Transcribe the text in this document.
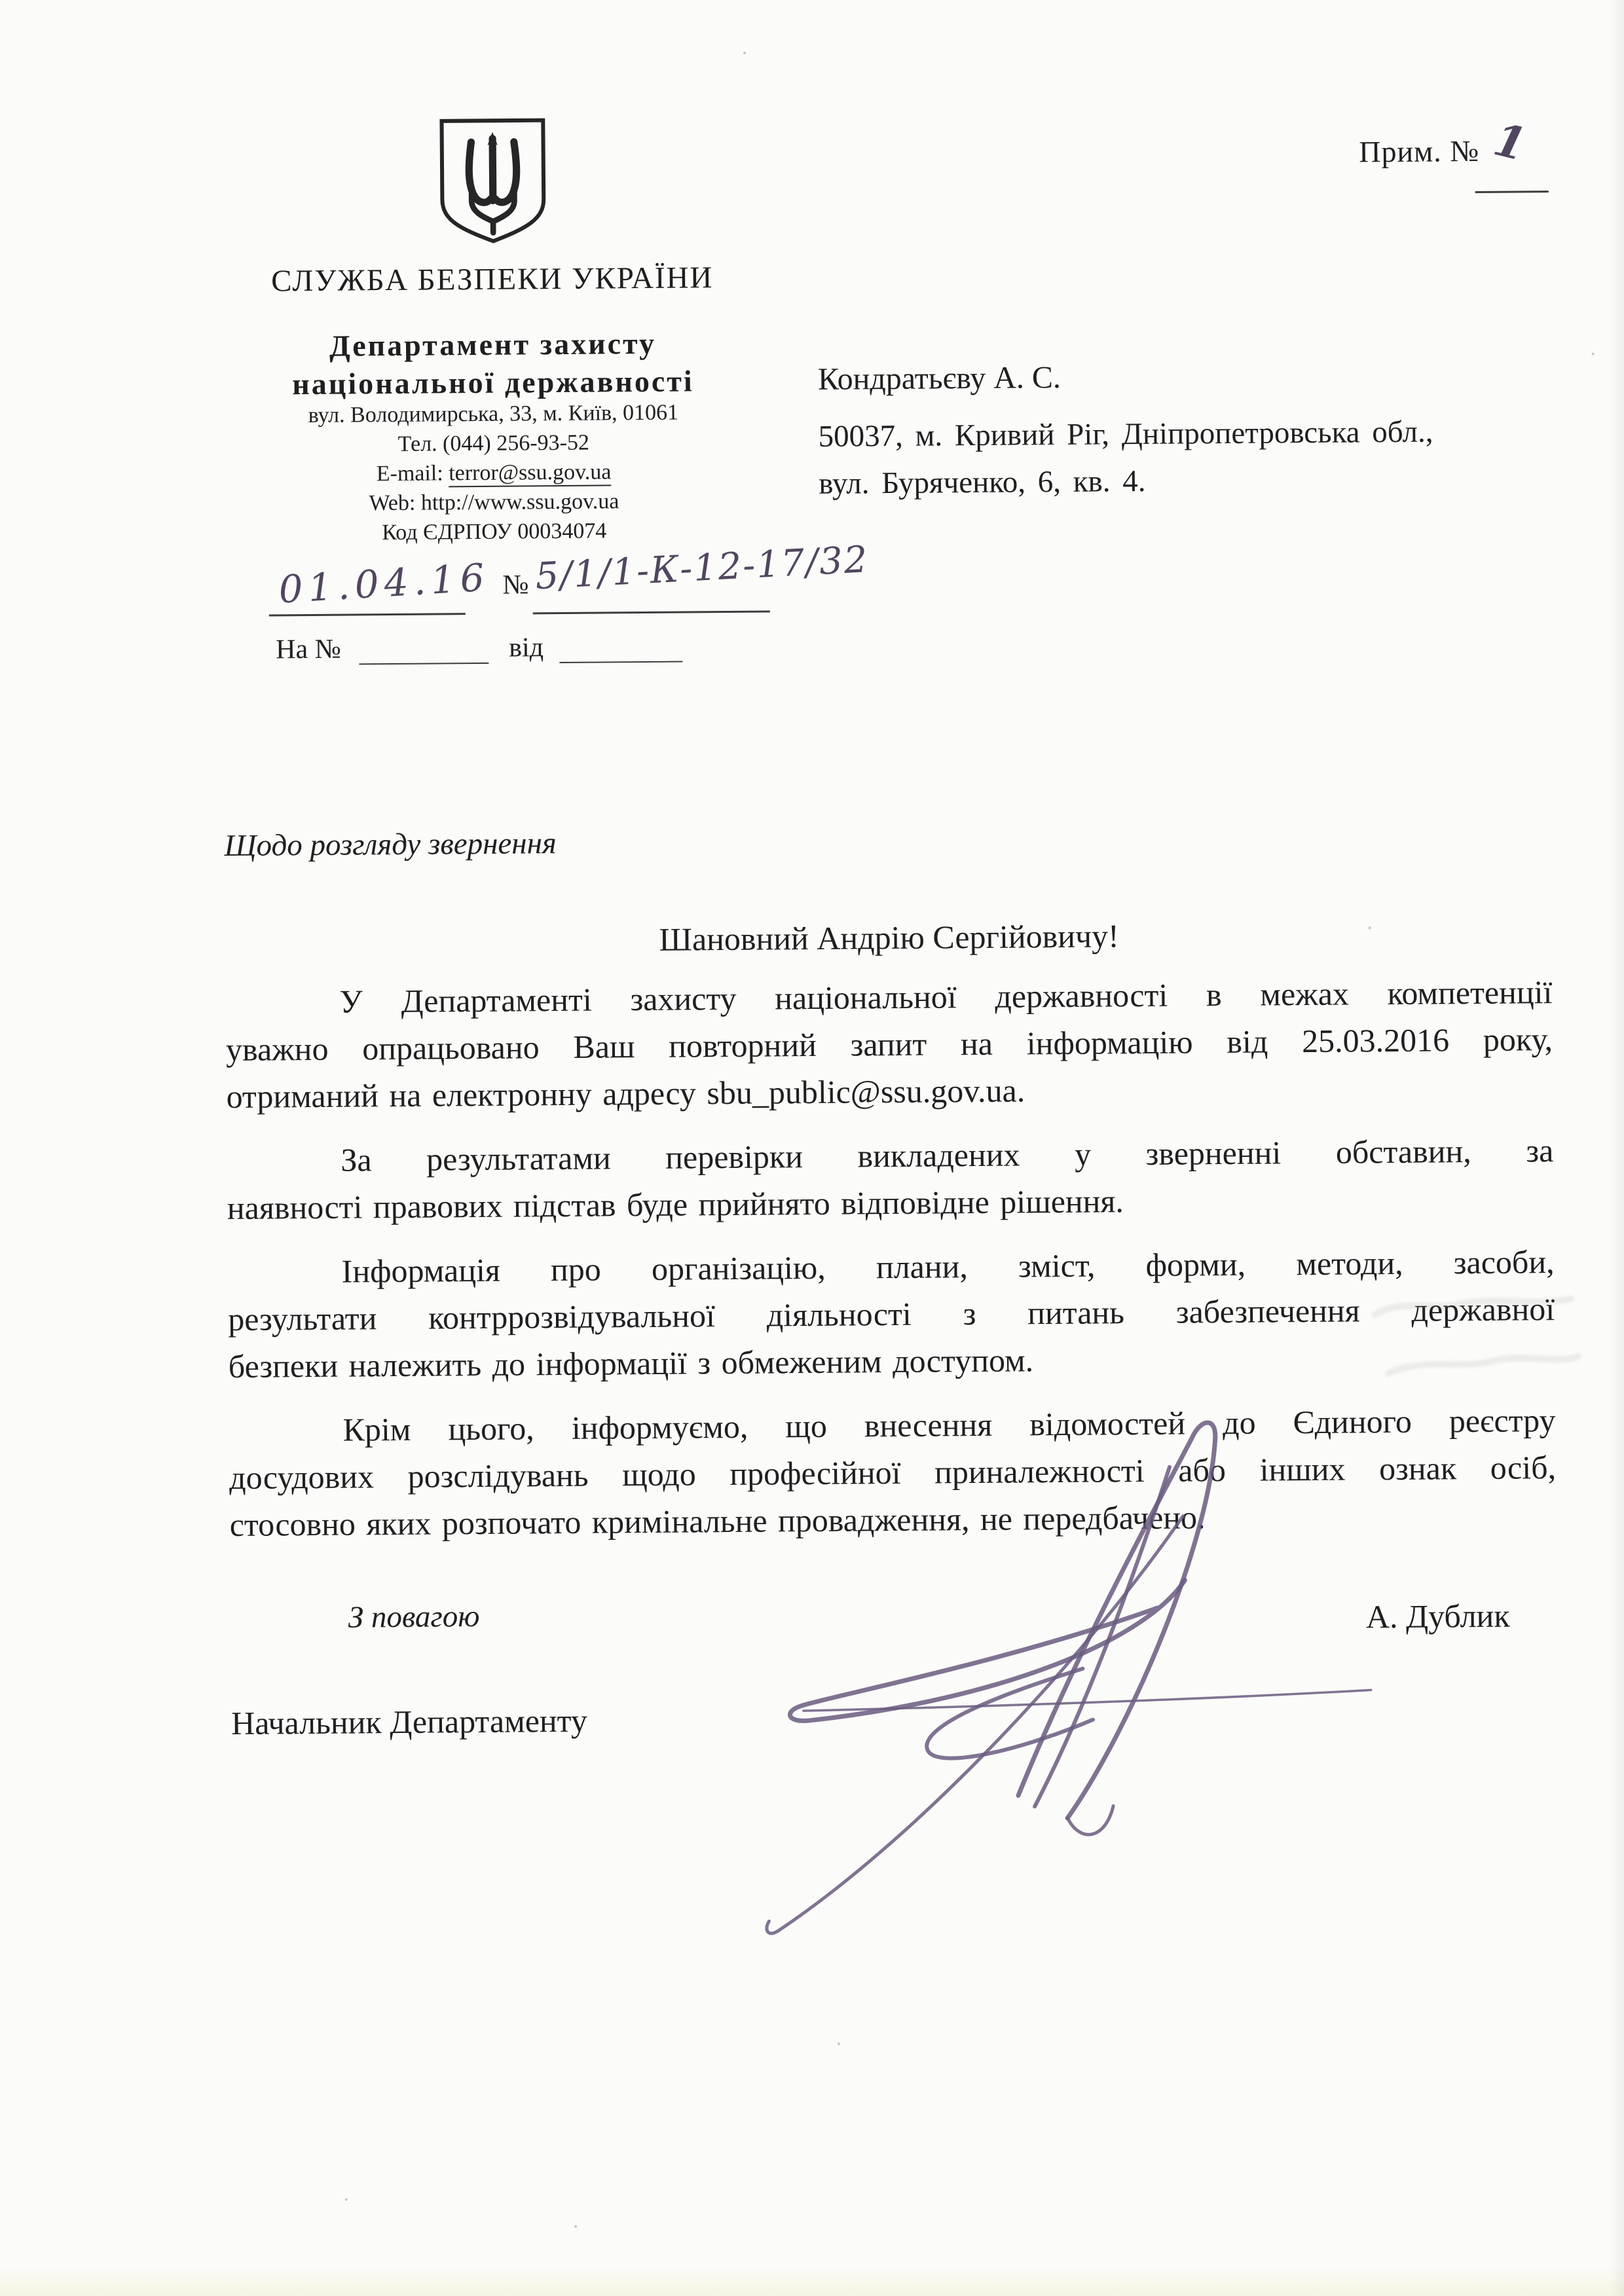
Прим. № 1
СЛУЖБА БЕЗПЕКИ УКРАЇНИ
Департамент захисту
національної державності
вул. Володимирська, 33, м. Київ, 01061
Тел. (044) 256-93-52
E-mail: terror@ssu.gov.ua
Web: http://www.ssu.gov.ua
Код ЄДРПОУ 00034074
01.04.16 № 5/1/1-К-12-17/32
На №	від
Кондратьєву А. С.
50037, м. Кривий Ріг, Дніпропетровська обл.,
вул. Буряченко, 6, кв. 4.
Щодо розгляду звернення
Шановний Андрію Сергійовичу!
У Департаменті захисту національної державності в межах компетенції
уважно опрацьовано Ваш повторний запит на інформацію від 25.03.2016 року,
отриманий на електронну адресу sbu_public@ssu.gov.ua.
За результатами перевірки викладених у зверненні обставин, за
наявності правових підстав буде прийнято відповідне рішення.
Інформація про організацію, плани, зміст, форми, методи, засоби,
результати контррозвідувальної діяльності з питань забезпечення державної
безпеки належить до інформації з обмеженим доступом.
Крім цього, інформуємо, що внесення відомостей до Єдиного реєстру
досудових розслідувань щодо професійної приналежності або інших ознак осіб,
стосовно яких розпочато кримінальне провадження, не передбачено.
З повагою
Начальник Департаменту
А. Дублик
